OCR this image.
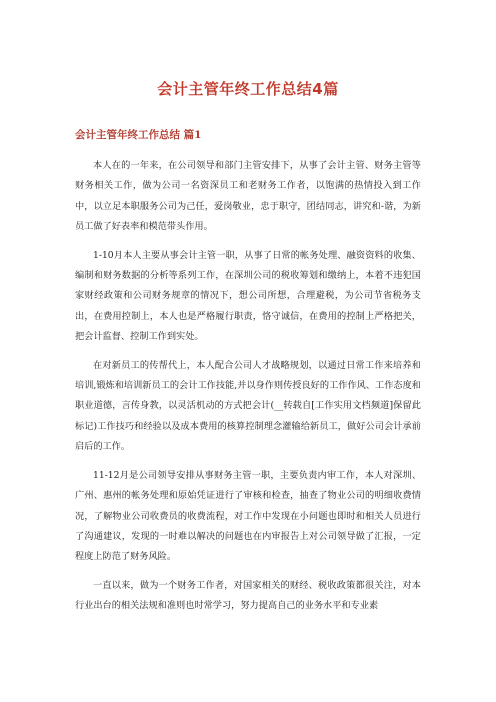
会计主管年终工作总结4篇
会计主管年终工作总结 篇1

本人在的一年来，在公司领导和部门主管安排下，从事了会计主管、财务主管等财务相关工作，做为公司一名资深员工和老财务工作者，以饱满的热情投入到工作中，以立足本职服务公司为己任，爱岗敬业，忠于职守，团结同志，讲究和-谐，为新员工做了好表率和模范带头作用。

1-10月本人主要从事会计主管一职，从事了日常的帐务处理、融资资料的收集、编制和财务数据的分析等系列工作，在深圳公司的税收筹划和缴纳上，本着不违犯国家财经政策和公司财务规章的情况下，想公司所想，合理避税，为公司节省税务支出，在费用控制上，本人也是严格履行职责，恪守诚信，在费用的控制上严格把关，把会计监督、控制工作到实处。

在对新员工的传帮代上，本人配合公司人才战略规划，以通过日常工作来培养和培训,锻炼和培训新员工的会计工作技能,并以身作则传授良好的工作作风、工作态度和职业道德，言传身教，以灵活机动的方式把会计(__转载自[工作实用文档频道]保留此标记)工作技巧和经验以及成本费用的核算控制理念灌输给新员工，做好公司会计承前启后的工作。

11-12月是公司领导安排从事财务主管一职，主要负责内审工作，本人对深圳、广州、惠州的帐务处理和原始凭证进行了审核和检查，抽查了物业公司的明细收费情况，了解物业公司收费员的收费流程，对工作中发现在小问题也即时和相关人员进行了沟通建议，发现的一时难以解决的问题也在内审报告上对公司领导做了汇报，一定程度上防范了财务风险。

一直以来，做为一个财务工作者，对国家相关的财经、税收政策都很关注，对本行业出台的相关法规和准则也时常学习，努力提高自己的业务水平和专业素
